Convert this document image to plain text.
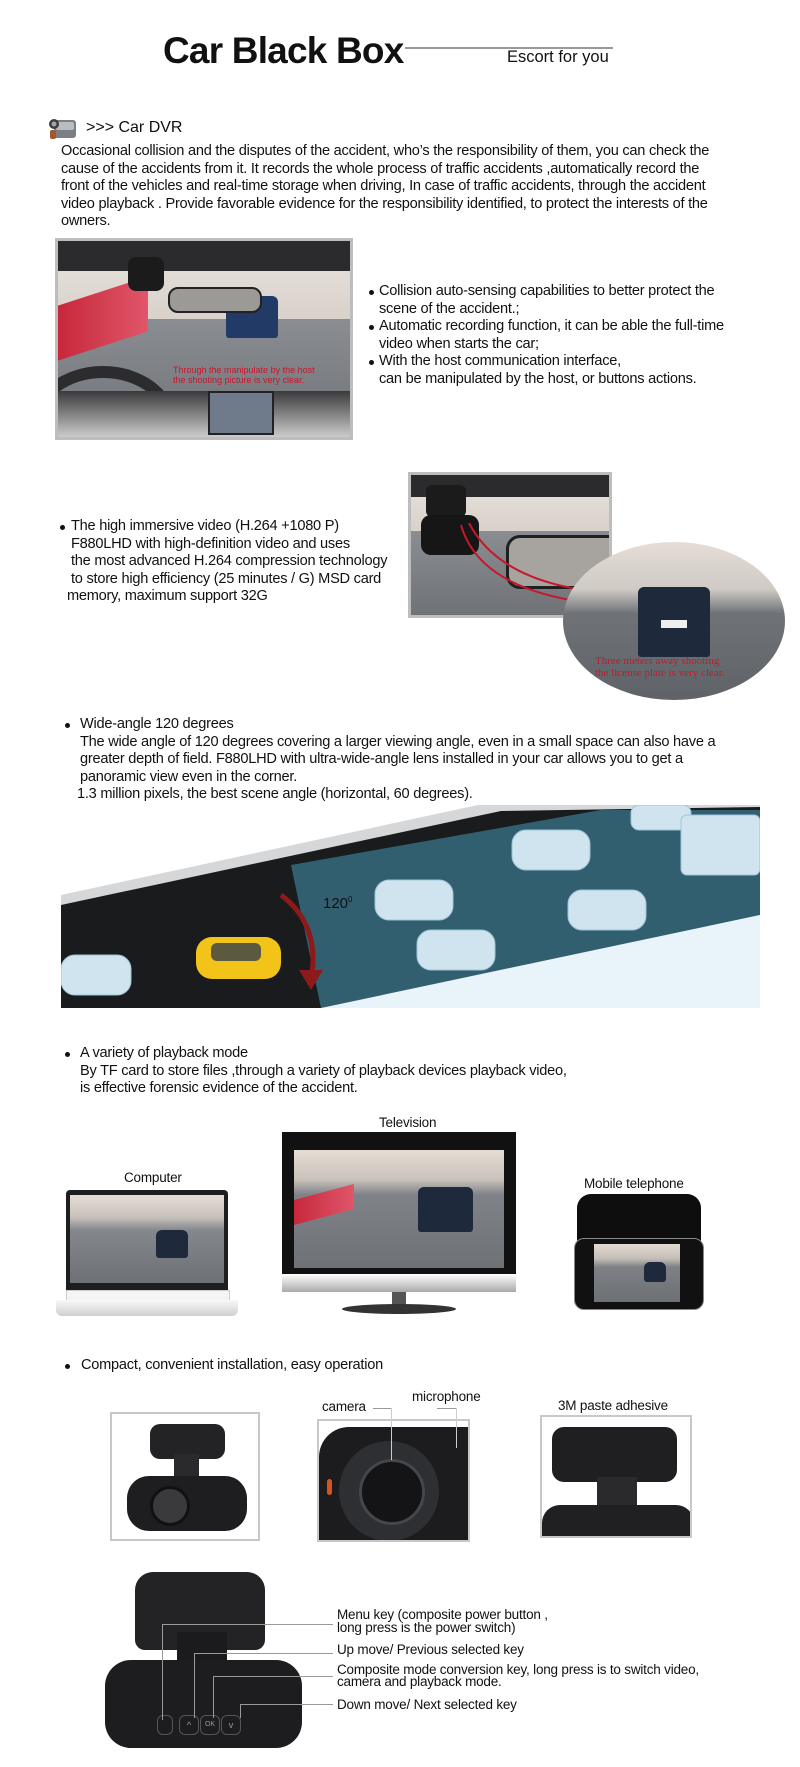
Car Black Box	Escort for you
>>> Car DVR
Occasional collision and the disputes of the accident, who’s the responsibility of them, you can check the
cause of the accidents from it. It records the whole process of traffic accidents ,automatically record the
front of the vehicles and real-time storage when driving, In case of traffic accidents, through the accident
video playback . Provide favorable evidence for the responsibility identified, to protect the interests of the
owners.
Through the manipulate by the host
the shooting picture is very clear.
Collision auto-sensing capabilities to better protect the
scene of the accident.;
Automatic recording function, it can be able the full-time
video when starts the car;
With the host communication interface,
can be manipulated by the host, or buttons actions.
The high immersive video (H.264 +1080 P)
F880LHD with high-definition video and uses
the most advanced H.264 compression technology
to store high efficiency (25 minutes / G) MSD card
memory, maximum support 32G
Three meters away shooting
the license plate is very clear.
Wide-angle 120 degrees
The wide angle of 120 degrees covering a larger viewing angle, even in a small space can also have a
greater depth of field. F880LHD with ultra-wide-angle lens installed in your car allows you to get a
panoramic view even in the corner.
1.3 million pixels, the best scene angle (horizontal, 60 degrees).
$120^0$
A variety of playback mode
By TF card to store files ,through a variety of playback devices playback video,
is effective forensic evidence of the accident.
Computer
Television
Mobile telephone
Compact, convenient installation, easy operation
camera
microphone
3M paste adhesive
^	OK	v
Menu key (composite power button ,
long press is the power switch)
Up move/ Previous selected key
Composite mode conversion key, long press is to switch video,
camera and playback mode.
Down move/ Next selected key
